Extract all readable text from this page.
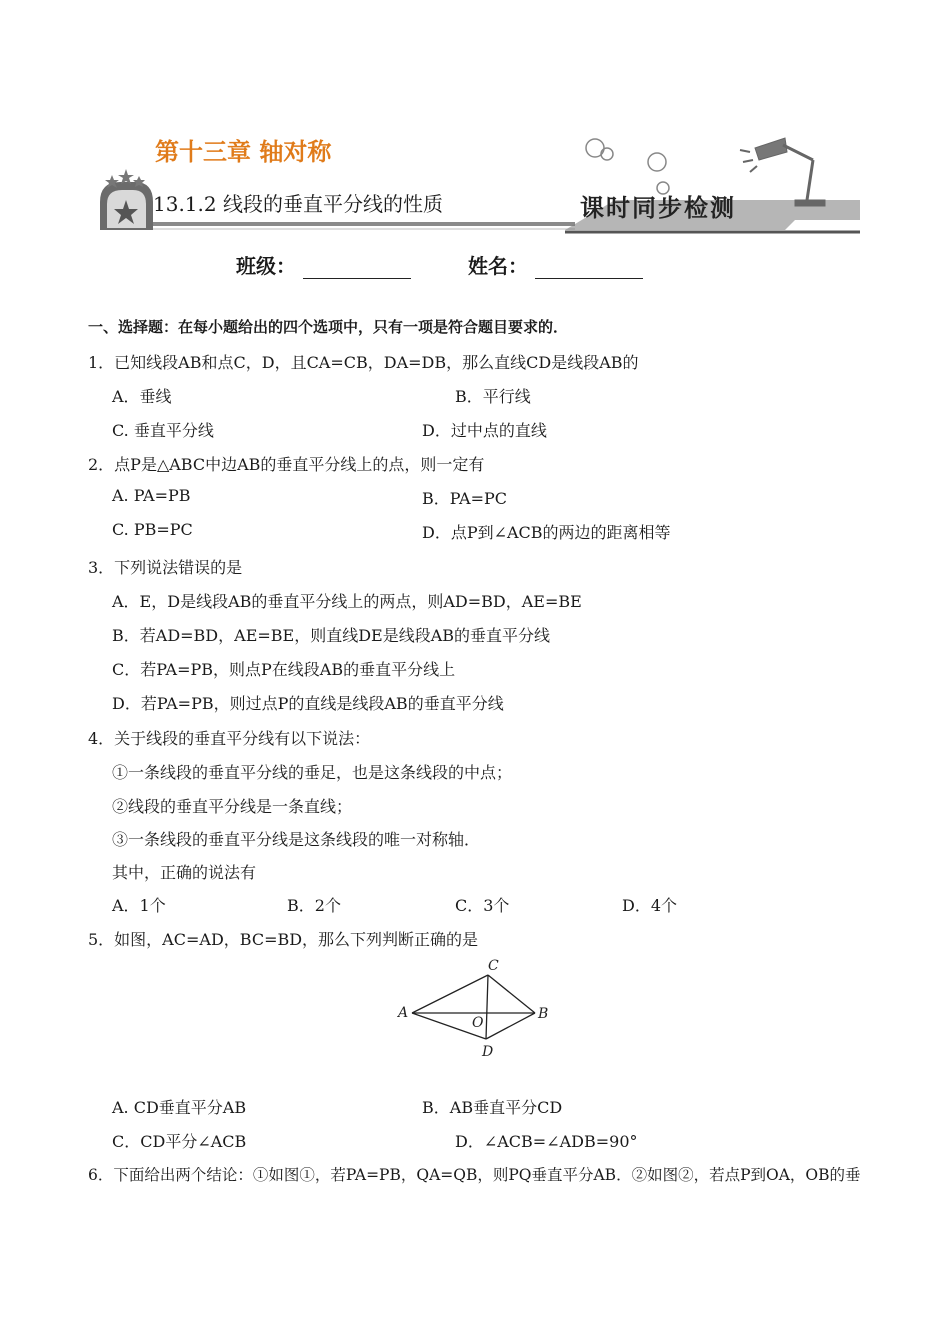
第十三章 轴对称
13.1.2 线段的垂直平分线的性质	课时同步检测
班级：	姓名：
一、选择题：在每小题给出的四个选项中，只有一项是符合题目要求的．
1．已知线段AB和点C，D，且CA=CB，DA=DB，那么直线CD是线段AB的
A．垂线	B．平行线
C. 垂直平分线	D．过中点的直线
2．点P是△ABC中边AB的垂直平分线上的点，则一定有
A. PA=PB	B．PA=PC
C. PB=PC	D．点P到∠ACB的两边的距离相等
3．下列说法错误的是
A．E，D是线段AB的垂直平分线上的两点，则AD=BD，AE=BE
B．若AD=BD，AE=BE，则直线DE是线段AB的垂直平分线
C．若PA=PB，则点P在线段AB的垂直平分线上
D．若PA=PB，则过点P的直线是线段AB的垂直平分线
4．关于线段的垂直平分线有以下说法：
①一条线段的垂直平分线的垂足，也是这条线段的中点；
②线段的垂直平分线是一条直线；
③一条线段的垂直平分线是这条线段的唯一对称轴．
其中，正确的说法有
A．1个	B．2个	C．3个	D．4个
5．如图，AC=AD，BC=BD，那么下列判断正确的是
A	B
C
D
O
A. CD垂直平分AB	B．AB垂直平分CD
C．CD平分∠ACB	D．∠ACB=∠ADB=90°
6．下面给出两个结论：①如图①，若PA=PB，QA=QB，则PQ垂直平分AB．②如图②，若点P到OA，OB的垂
